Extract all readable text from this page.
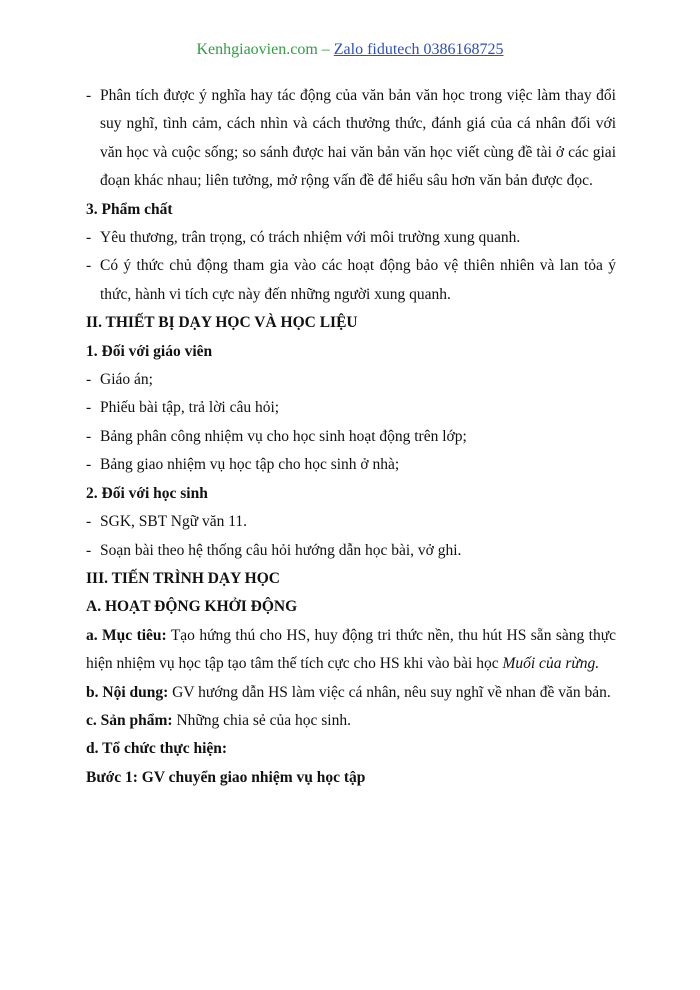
Kenhgiaovien.com – Zalo fidutech 0386168725
- Phân tích được ý nghĩa hay tác động của văn bản văn học trong việc làm thay đổi suy nghĩ, tình cảm, cách nhìn và cách thưởng thức, đánh giá của cá nhân đối với văn học và cuộc sống; so sánh được hai văn bản văn học viết cùng đề tài ở các giai đoạn khác nhau; liên tưởng, mở rộng vấn đề để hiểu sâu hơn văn bản được đọc.
3. Phẩm chất
- Yêu thương, trân trọng, có trách nhiệm với môi trường xung quanh.
- Có ý thức chủ động tham gia vào các hoạt động bảo vệ thiên nhiên và lan tỏa ý thức, hành vi tích cực này đến những người xung quanh.
II. THIẾT BỊ DẠY HỌC VÀ HỌC LIỆU
1. Đối với giáo viên
- Giáo án;
- Phiếu bài tập, trả lời câu hỏi;
- Bảng phân công nhiệm vụ cho học sinh hoạt động trên lớp;
- Bảng giao nhiệm vụ học tập cho học sinh ở nhà;
2. Đối với học sinh
- SGK, SBT Ngữ văn 11.
- Soạn bài theo hệ thống câu hỏi hướng dẫn học bài, vở ghi.
III. TIẾN TRÌNH DẠY HỌC
A. HOẠT ĐỘNG KHỞI ĐỘNG
a. Mục tiêu: Tạo hứng thú cho HS, huy động tri thức nền, thu hút HS sẵn sàng thực hiện nhiệm vụ học tập tạo tâm thế tích cực cho HS khi vào bài học Muối của rừng.
b. Nội dung: GV hướng dẫn HS làm việc cá nhân, nêu suy nghĩ về nhan đề văn bản.
c. Sản phẩm: Những chia sẻ của học sinh.
d. Tổ chức thực hiện:
Bước 1: GV chuyển giao nhiệm vụ học tập
